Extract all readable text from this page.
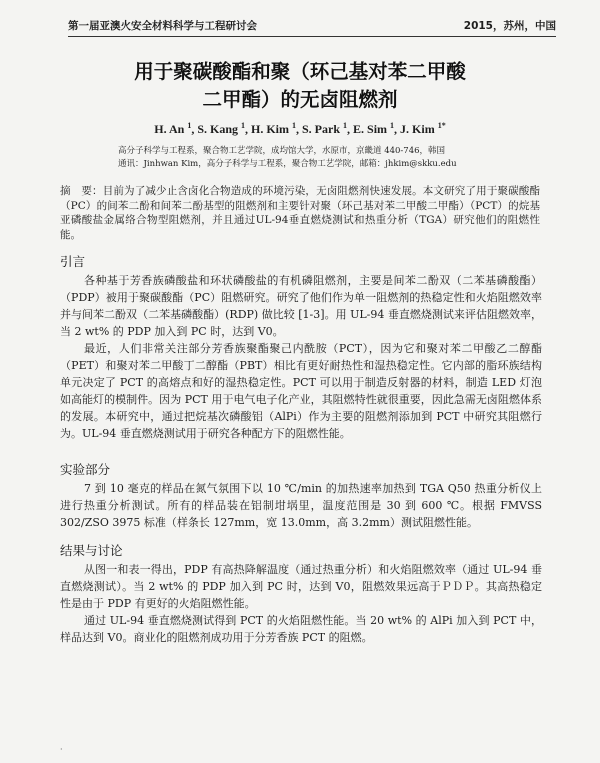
第一届亚澳火安全材料科学与工程研讨会	2015，苏州，中国
用于聚碳酸酯和聚（环己基对苯二甲酸
二甲酯）的无卤阻燃剂
H. An $^1$, S. Kang $^1$, H. Kim $^1$, S. Park $^1$, E. Sim $^1$, J. Kim $^{1*}$
高分子科学与工程系，聚合物工艺学院，成均馆大学，水原市，京畿道 440-746，韩国
通讯：Jinhwan Kim，高分子科学与工程系，聚合物工艺学院，邮箱：jhkim@skku.edu
摘　要：目前为了减少止含卤化合物造成的环境污染，无卤阻燃剂快速发展。本文研究了用于聚碳酸酯（PC）的间苯二酚和间苯二酚基型的阻燃剂和主要针对聚（环己基对苯二甲酸二甲酯）（PCT）的烷基亚磷酸盐金属络合物型阻燃剂，并且通过UL-94垂直燃烧测试和热重分析（TGA）研究他们的阻燃性能。
引言

各种基于芳香族磷酸盐和环状磷酸盐的有机磷阻燃剂，主要是间苯二酚双（二苯基磷酸酯）（PDP）被用于聚碳酸酯（PC）阻燃研究。研究了他们作为单一阻燃剂的热稳定性和火焰阻燃效率并与间苯二酚双（二苯基磷酸酯）(RDP) 做比较 [1-3]。用 UL-94 垂直燃烧测试来评估阻燃效率，当 2 wt% 的 PDP 加入到 PC 时，达到 V0。

最近，人们非常关注部分芳香族聚酯聚己内酰胺（PCT），因为它和聚对苯二甲酸乙二醇酯（PET）和聚对苯二甲酸丁二醇酯（PBT）相比有更好耐热性和湿热稳定性。它内部的脂环族结构单元决定了 PCT 的高熔点和好的湿热稳定性。PCT 可以用于制造反射器的材料，制造 LED 灯泡如高能灯的模制件。因为 PCT 用于电气电子化产业，其阻燃特性就很重要，因此急需无卤阻燃体系的发展。本研究中，通过把烷基次磷酸铝（AlPi）作为主要的阻燃剂添加到 PCT 中研究其阻燃行为。UL-94 垂直燃烧测试用于研究各种配方下的阻燃性能。

实验部分

7 到 10 毫克的样品在氮气氛围下以 10 ℃/min 的加热速率加热到 TGA Q50 热重分析仪上进行热重分析测试。所有的样品装在铝制坩埚里，温度范围是 30 到 600 ℃。根据 FMVSS 302/ZSO 3975 标准（样条长 127mm，宽 13.0mm，高 3.2mm）测试阻燃性能。

结果与讨论

从图一和表一得出，PDP 有高热降解温度（通过热重分析）和火焰阻燃效率（通过 UL-94 垂直燃烧测试）。当 2 wt% 的 PDP 加入到 PC 时，达到 V0，阻燃效果远高于ＰＤＰ。其高热稳定性是由于 PDP 有更好的火焰阻燃性能。

通过 UL-94 垂直燃烧测试得到 PCT 的火焰阻燃性能。当 20 wt% 的 AlPi 加入到 PCT 中，样品达到 V0。商业化的阻燃剂成功用于分芳香族 PCT 的阻燃。

·
